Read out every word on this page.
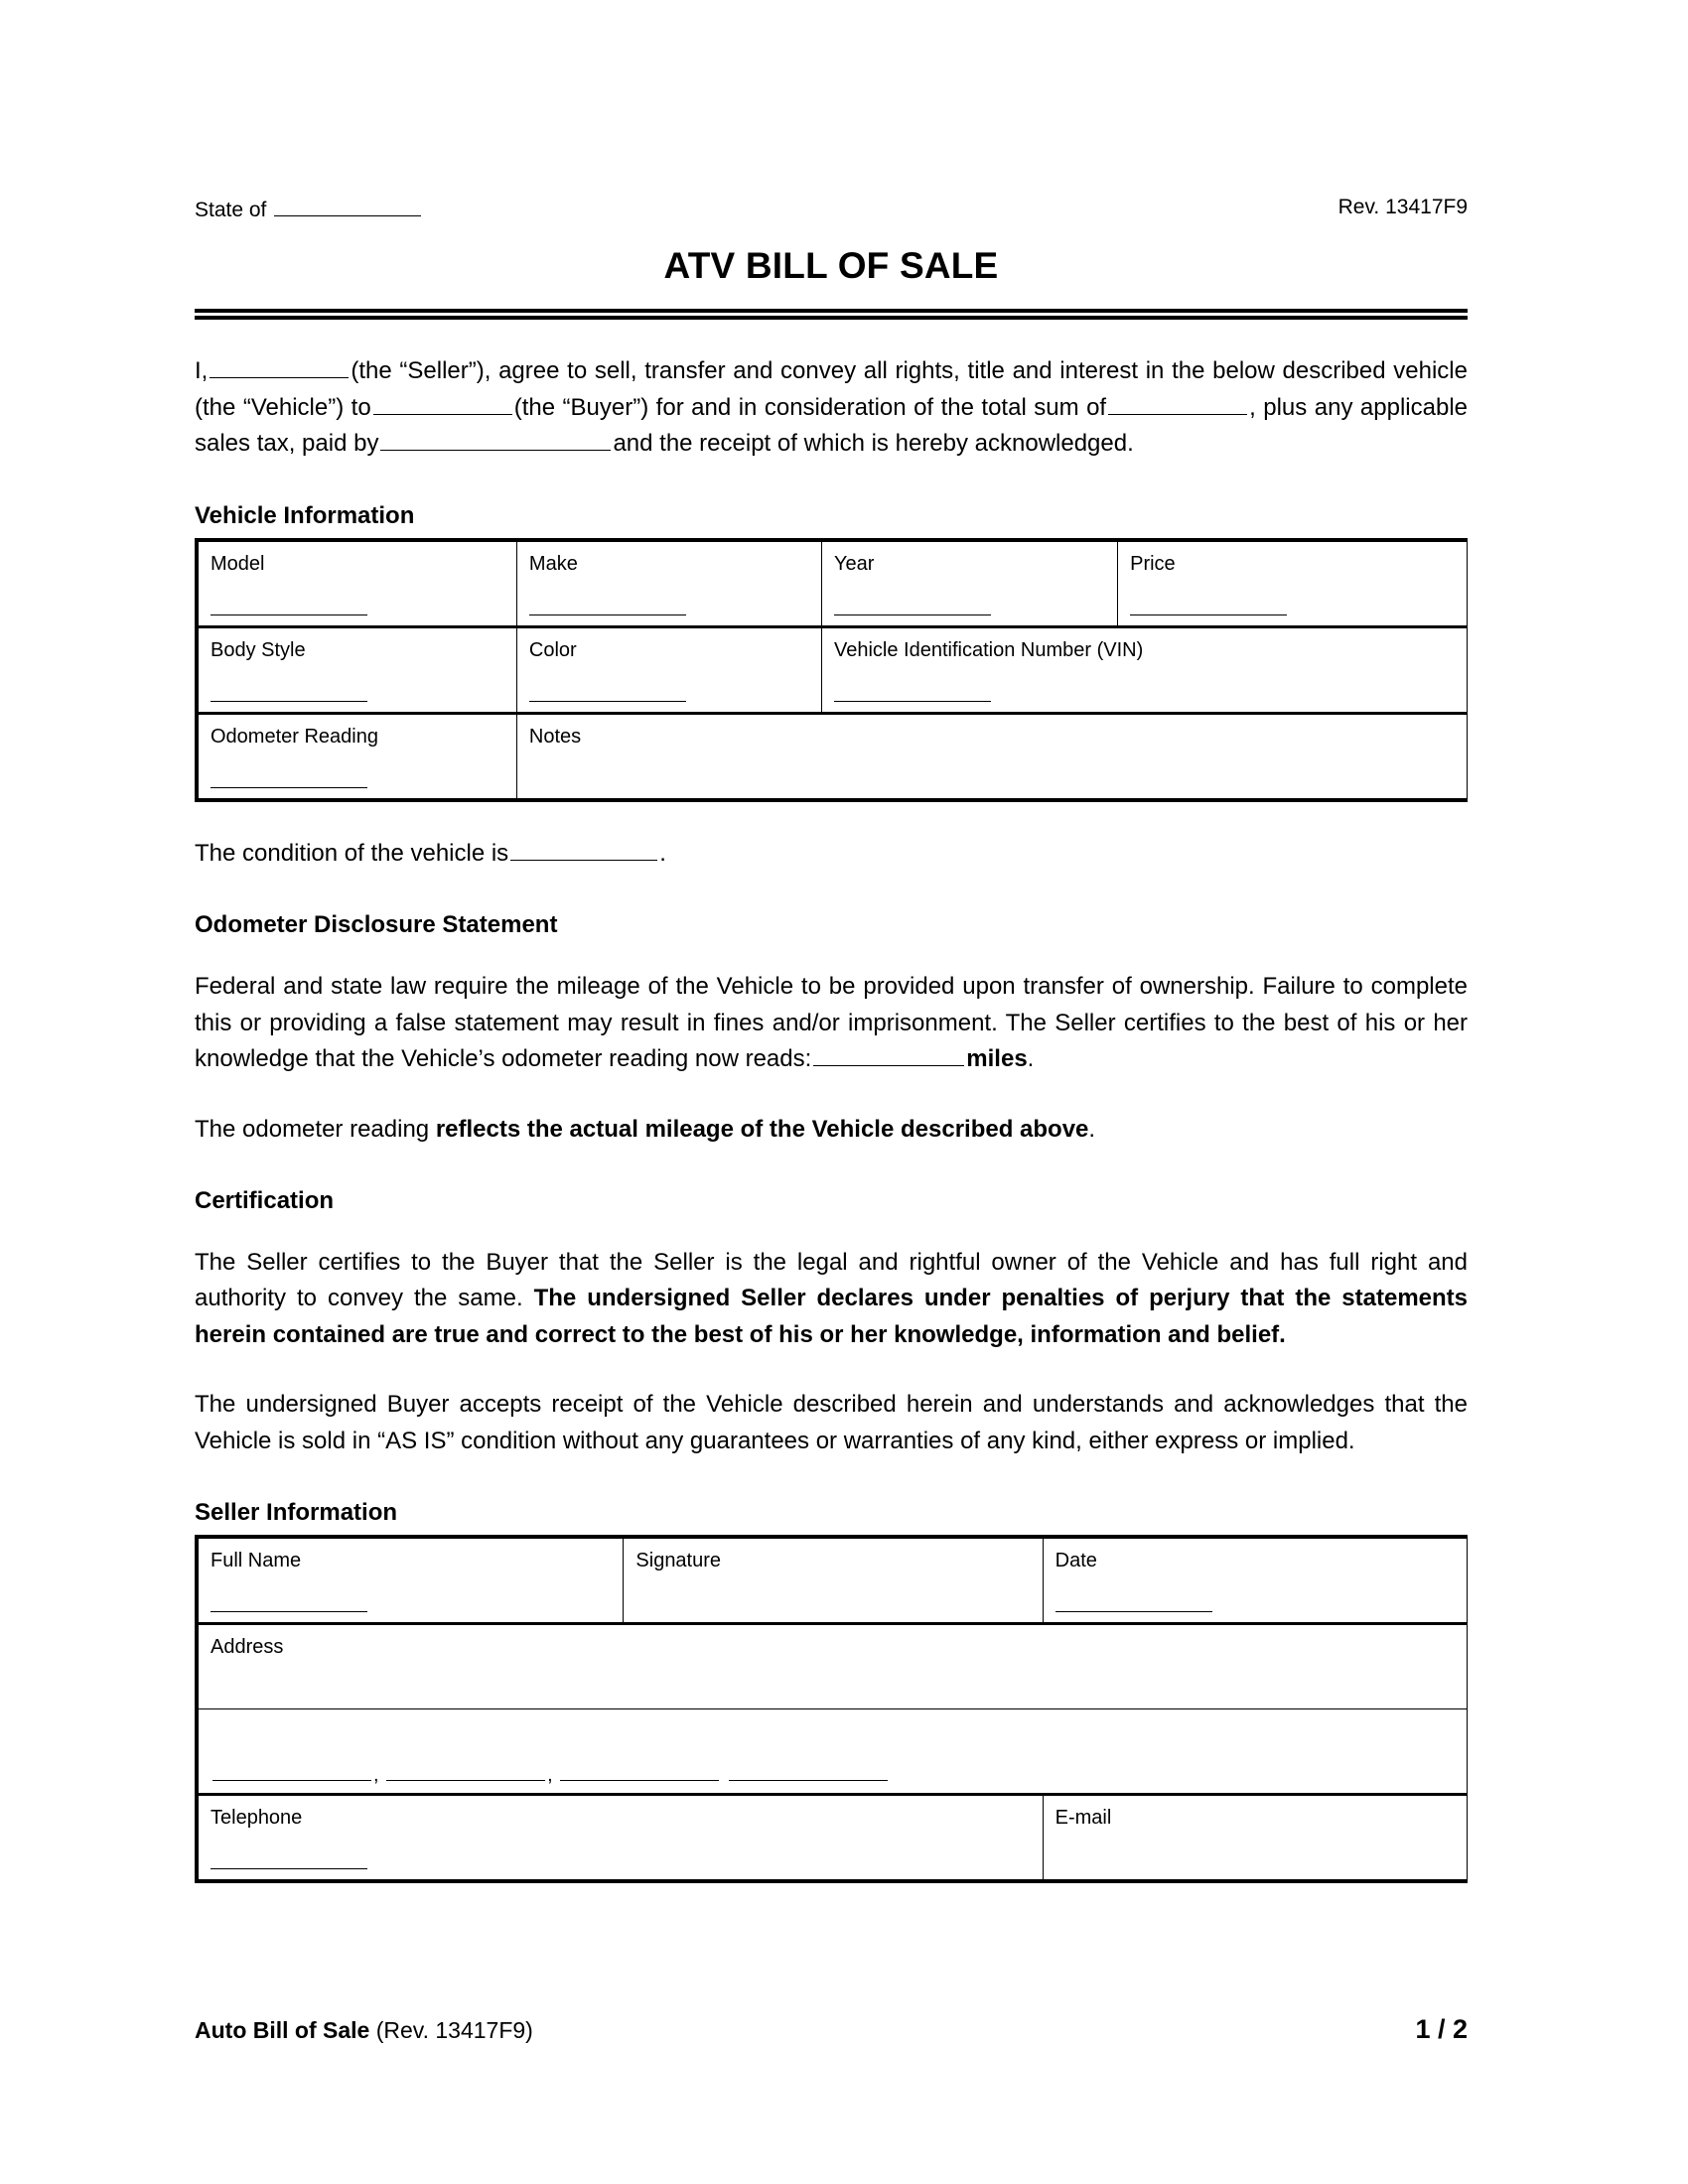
State of	Rev. 13417F9
ATV BILL OF SALE

I,	(the “Seller”), agree to sell, transfer and convey all rights, title and interest in the below described vehicle (the “Vehicle”) to	(the “Buyer”) for and in consideration of the total sum of	, plus any applicable sales tax, paid by	and the receipt of which is hereby acknowledged.

Vehicle Information
Model	Make	Year	Price

Body Style	Color	Vehicle Identification Number (VIN)	

Odometer Reading	Notes		

The condition of the vehicle is	.

Odometer Disclosure Statement

Federal and state law require the mileage of the Vehicle to be provided upon transfer of ownership. Failure to complete this or providing a false statement may result in fines and/or imprisonment. The Seller certifies to the best of his or her knowledge that the Vehicle’s odometer reading now reads:	miles.

The odometer reading reflects the actual mileage of the Vehicle described above.

Certification

The Seller certifies to the Buyer that the Seller is the legal and rightful owner of the Vehicle and has full right and authority to convey the same. The undersigned Seller declares under penalties of perjury that the statements herein contained are true and correct to the best of his or her knowledge, information and belief.

The undersigned Buyer accepts receipt of the Vehicle described herein and understands and acknowledges that the Vehicle is sold in “AS IS” condition without any guarantees or warranties of any kind, either express or implied.

Seller Information
Full Name	Signature	Date

Address		

, ,		

Telephone		E-mail
Auto Bill of Sale (Rev. 13417F9)	1 / 2
